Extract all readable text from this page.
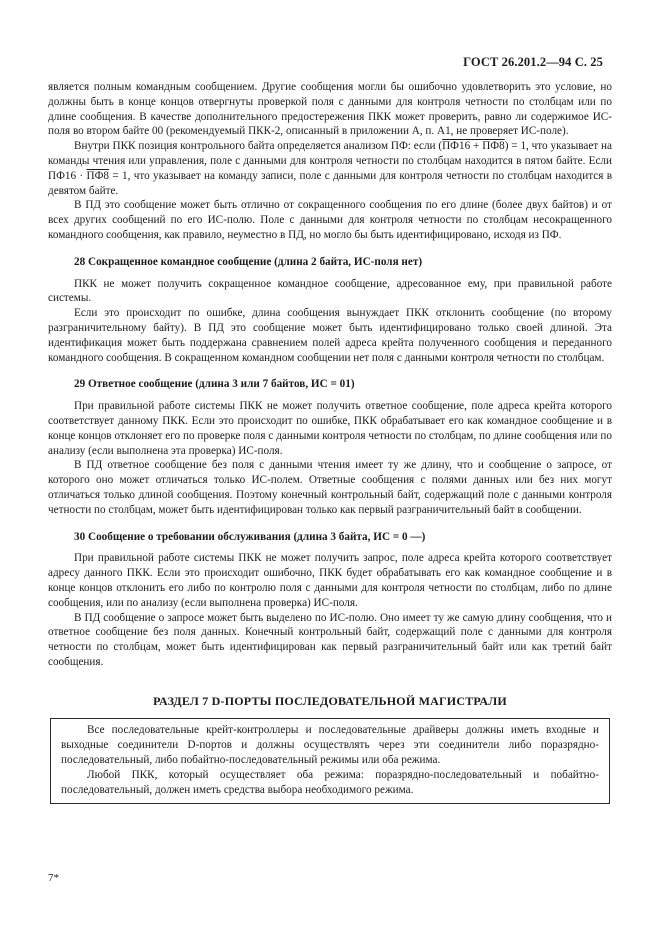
ГОСТ 26.201.2—94 С. 25

является полным командным сообщением. Другие сообщения могли бы ошибочно удовлетворить это условие, но должны быть в конце концов отвергнуты проверкой поля с данными для контроля четности по столбцам или по длине сообщения. В качестве дополнительного предостережения ПКК может проверить, равно ли содержимое ИС-поля во втором байте 00 (рекомендуемый ПКК-2, описанный в приложении А, п. А1, не проверяет ИС-поле).

Внутри ПКК позиция контрольного байта определяется анализом ПФ: если (ПФ16 + ПФ8) = 1, что указывает на команды чтения или управления, поле с данными для контроля четности по столбцам находится в пятом байте. Если ПФ16 · ПФ8 = 1, что указывает на команду записи, поле с данными для контроля четности по столбцам находится в девятом байте.

В ПД это сообщение может быть отлично от сокращенного сообщения по его длине (более двух байтов) и от всех других сообщений по его ИС-полю. Поле с данными для контроля четности по столбцам несокращенного командного сообщения, как правило, неуместно в ПД, но могло бы быть идентифицировано, исходя из ПФ.

28 Сокращенное командное сообщение (длина 2 байта, ИС-поля нет)

ПКК не может получить сокращенное командное сообщение, адресованное ему, при правильной работе системы.

Если это происходит по ошибке, длина сообщения вынуждает ПКК отклонить сообщение (по второму разграничительному байту). В ПД это сообщение может быть идентифицировано только своей длиной. Эта идентификация может быть поддержана сравнением полей адреса крейта полученного сообщения и переданного командного сообщения. В сокращенном командном сообщении нет поля с данными контроля четности по столбцам.

29 Ответное сообщение (длина 3 или 7 байтов, ИС = 01)

При правильной работе системы ПКК не может получить ответное сообщение, поле адреса крейта которого соответствует данному ПКК. Если это происходит по ошибке, ПКК обрабатывает его как командное сообщение и в конце концов отклоняет его по проверке поля с данными контроля четности по столбцам, по длине сообщения или по анализу (если выполнена эта проверка) ИС-поля.

В ПД ответное сообщение без поля с данными чтения имеет ту же длину, что и сообщение о запросе, от которого оно может отличаться только ИС-полем. Ответные сообщения с полями данных или без них могут отличаться только длиной сообщения. Поэтому конечный контрольный байт, содержащий поле с данными контроля четности по столбцам, может быть идентифицирован только как первый разграничительный байт в сообщении.

30 Сообщение о требовании обслуживания (длина 3 байта, ИС = 0 —)

При правильной работе системы ПКК не может получить запрос, поле адреса крейта которого соответствует адресу данного ПКК. Если это происходит ошибочно, ПКК будет обрабатывать его как командное сообщение и в конце концов отклонить его либо по контролю поля с данными для контроля четности по столбцам, либо по длине сообщения, или по анализу (если выполнена проверка) ИС-поля.

В ПД сообщение о запросе может быть выделено по ИС-полю. Оно имеет ту же самую длину сообщения, что и ответное сообщение без поля данных. Конечный контрольный байт, содержащий поле с данными для контроля четности по столбцам, может быть идентифицирован как первый разграничительный байт или как третий байт сообщения.

РАЗДЕЛ 7 D-ПОРТЫ ПОСЛЕДОВАТЕЛЬНОЙ МАГИСТРАЛИ

Все последовательные крейт-контроллеры и последовательные драйверы должны иметь входные и выходные соединители D-портов и должны осуществлять через эти соединители либо поразрядно-последовательный, либо побайтно-последовательный режимы или оба режима.

Любой ПКК, который осуществляет оба режима: поразрядно-последовательный и побайтно-последовательный, должен иметь средства выбора необходимого режима.

7*
